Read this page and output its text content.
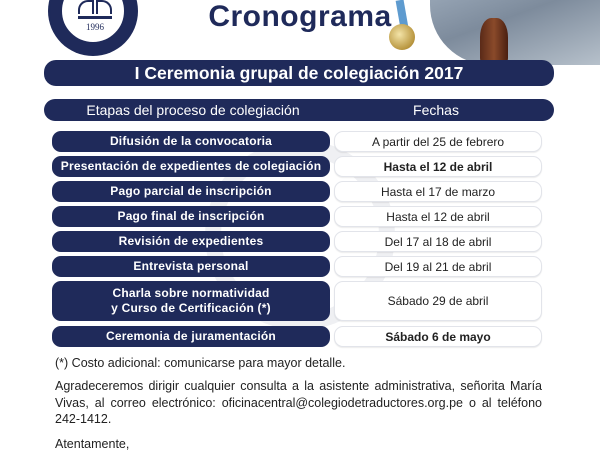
1996	Cronograma
I Ceremonia grupal de colegiación 2017
Etapas del proceso de colegiación	Fechas
Difusión de la convocatoria	A partir del 25 de febrero
Presentación de expedientes de colegiación	Hasta el 12 de abril
Pago parcial de inscripción	Hasta el 17 de marzo
Pago final de inscripción	Hasta el 12 de abril
Revisión de expedientes	Del 17 al 18 de abril
Entrevista personal	Del 19 al 21 de abril
Charla sobre normatividad
y Curso de Certificación (*)	Sábado 29 de abril
Ceremonia de juramentación	Sábado 6 de mayo
(*) Costo adicional: comunicarse para mayor detalle.
Agradeceremos dirigir cualquier consulta a la asistente administrativa, señorita María Vivas, al correo electrónico: oficinacentral@colegiodetraductores.org.pe o al teléfono 242-1412.
Atentamente,
